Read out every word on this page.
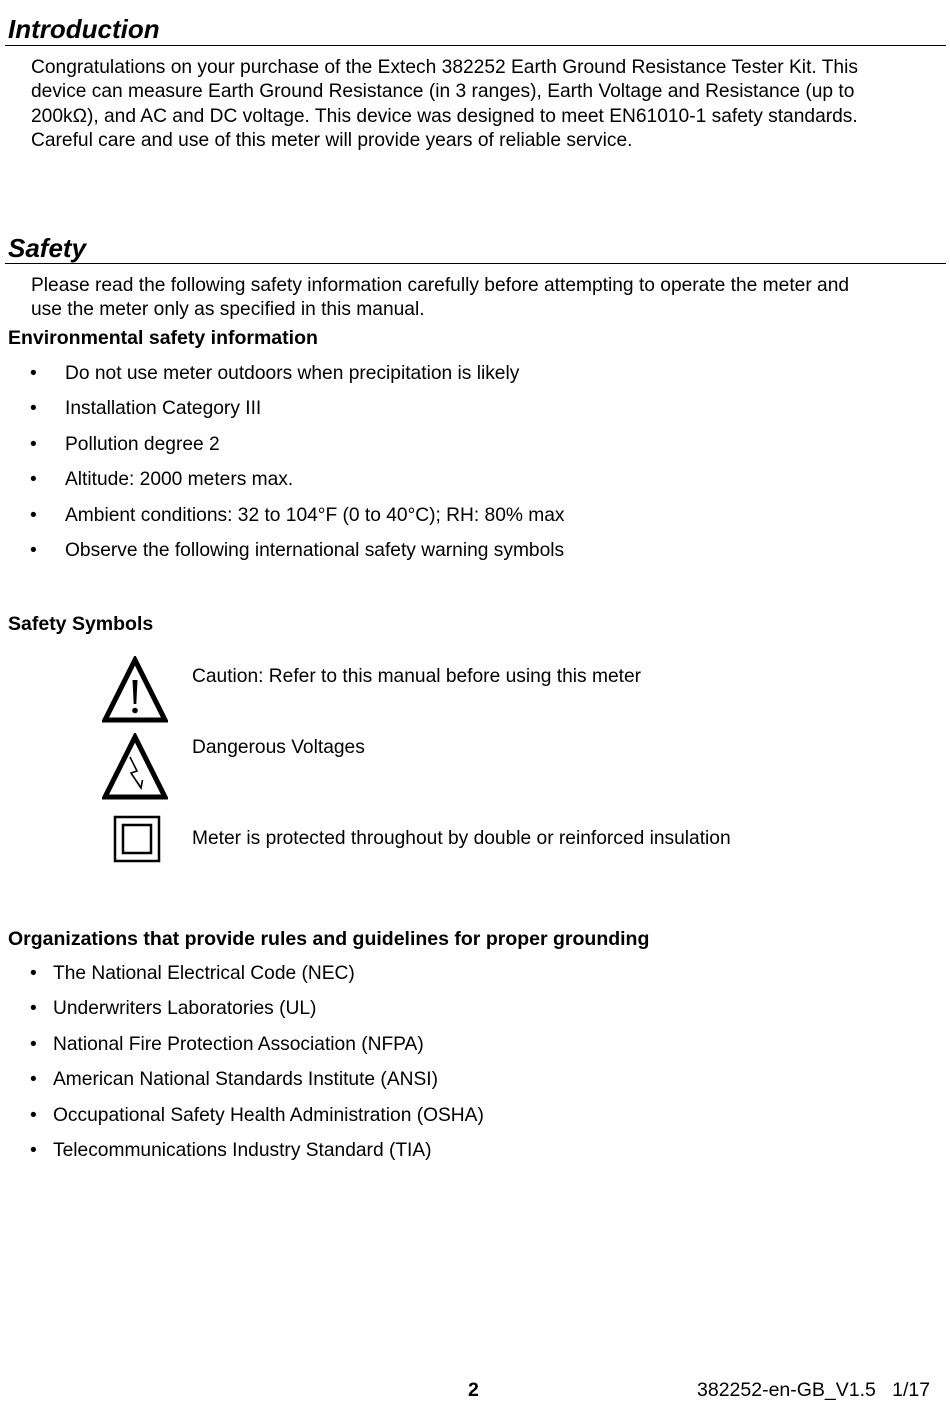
Introduction
Congratulations on your purchase of the Extech 382252 Earth Ground Resistance Tester Kit. This
device can measure Earth Ground Resistance (in 3 ranges), Earth Voltage and Resistance (up to
200kΩ), and AC and DC voltage. This device was designed to meet EN61010-1 safety standards.
Careful care and use of this meter will provide years of reliable service.
Safety
Please read the following safety information carefully before attempting to operate the meter and
use the meter only as specified in this manual.
Environmental safety information
• Do not use meter outdoors when precipitation is likely
• Installation Category III
• Pollution degree 2
• Altitude: 2000 meters max.
• Ambient conditions: 32 to 104°F (0 to 40°C); RH: 80% max
• Observe the following international safety warning symbols
Safety Symbols

Caution: Refer to this manual before using this meter

Dangerous Voltages

Meter is protected throughout by double or reinforced insulation

Organizations that provide rules and guidelines for proper grounding
• The National Electrical Code (NEC)
• Underwriters Laboratories (UL)
• National Fire Protection Association (NFPA)
• American National Standards Institute (ANSI)
• Occupational Safety Health Administration (OSHA)
• Telecommunications Industry Standard (TIA)
2	382252-en-GB_V1.5   1/17
